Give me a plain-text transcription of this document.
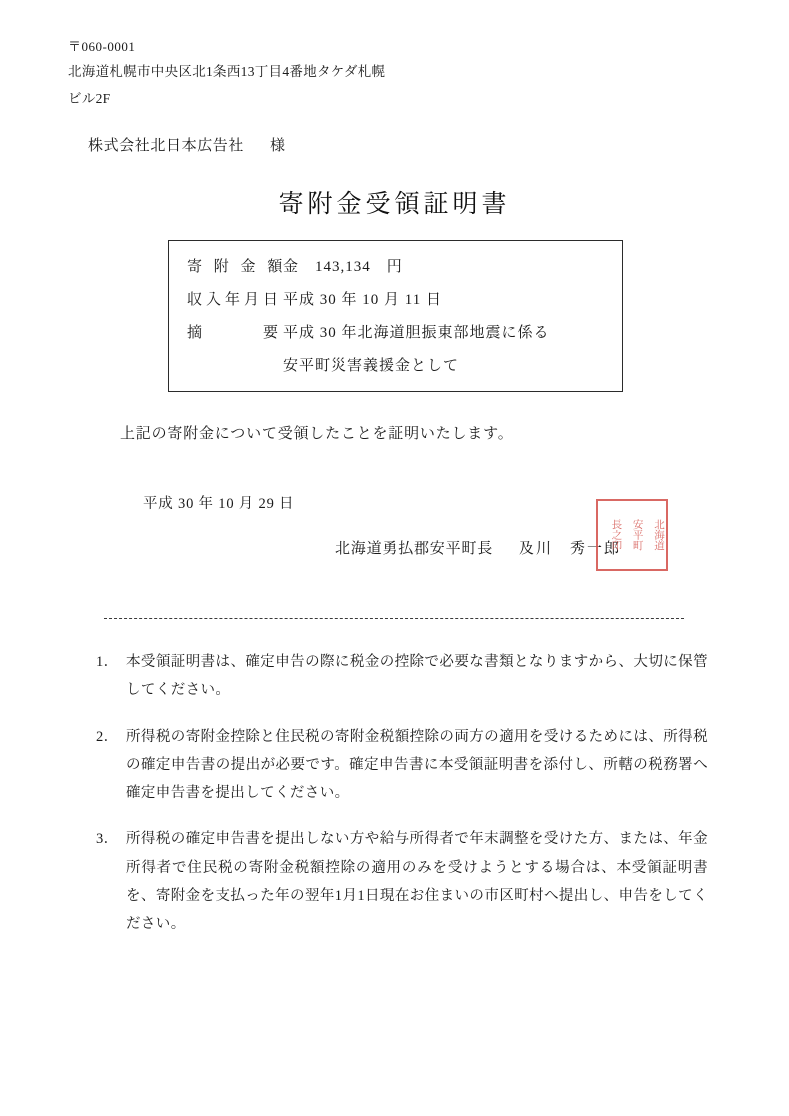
〒060-0001
北海道札幌市中央区北1条西13丁目4番地タケダ札幌
ビル2F
株式会社北日本広告社 様
寄附金受領証明書
寄 附 金 額
金　143,134　円
収入年月日 平成 30 年 10 月 11 日
摘　　　要 平成 30 年北海道胆振東部地震に係る
安平町災害義援金として
上記の寄附金について受領したことを証明いたします。
平成 30 年 10 月 29 日
北海道勇払郡安平町長 及川　秀一郎
長之印 安平町 北海道
1． 本受領証明書は、確定申告の際に税金の控除で必要な書類となりますから、大切に保管してください。
2． 所得税の寄附金控除と住民税の寄附金税額控除の両方の適用を受けるためには、所得税の確定申告書の提出が必要です。確定申告書に本受領証明書を添付し、所轄の税務署へ確定申告書を提出してください。
3． 所得税の確定申告書を提出しない方や給与所得者で年末調整を受けた方、または、年金所得者で住民税の寄附金税額控除の適用のみを受けようとする場合は、本受領証明書を、寄附金を支払った年の翌年1月1日現在お住まいの市区町村へ提出し、申告をしてください。
